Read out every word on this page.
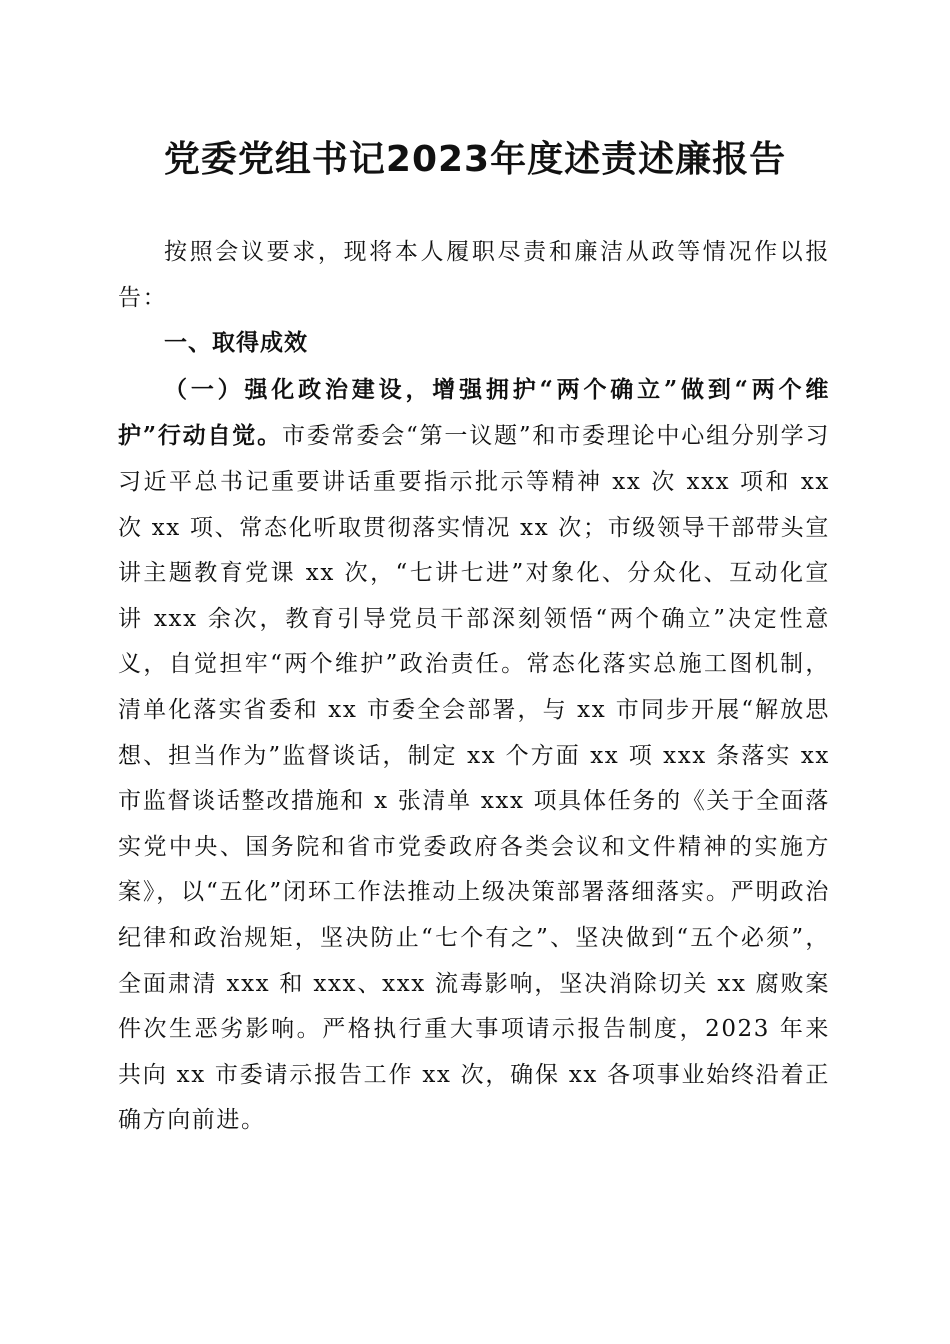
党委党组书记2023年度述责述廉报告

按照会议要求，现将本人履职尽责和廉洁从政等情况作以报告：

一、取得成效

（一）强化政治建设，增强拥护“两个确立”做到“两个维护”行动自觉。市委常委会“第一议题”和市委理论中心组分别学习习近平总书记重要讲话重要指示批示等精神 xx 次 xxx 项和 xx 次 xx 项、常态化听取贯彻落实情况 xx 次；市级领导干部带头宣讲主题教育党课 xx 次，“七讲七进”对象化、分众化、互动化宣讲 xxx 余次，教育引导党员干部深刻领悟“两个确立”决定性意义，自觉担牢“两个维护”政治责任。常态化落实总施工图机制，清单化落实省委和 xx 市委全会部署，与 xx 市同步开展“解放思想、担当作为”监督谈话，制定 xx 个方面 xx 项 xxx 条落实 xx 市监督谈话整改措施和 x 张清单 xxx 项具体任务的《关于全面落实党中央、国务院和省市党委政府各类会议和文件精神的实施方案》，以“五化”闭环工作法推动上级决策部署落细落实。严明政治纪律和政治规矩，坚决防止“七个有之”、坚决做到“五个必须”，全面肃清 xxx 和 xxx、xxx 流毒影响，坚决消除切关 xx 腐败案件次生恶劣影响。严格执行重大事项请示报告制度，2023 年来共向 xx 市委请示报告工作 xx 次，确保 xx 各项事业始终沿着正确方向前进。
